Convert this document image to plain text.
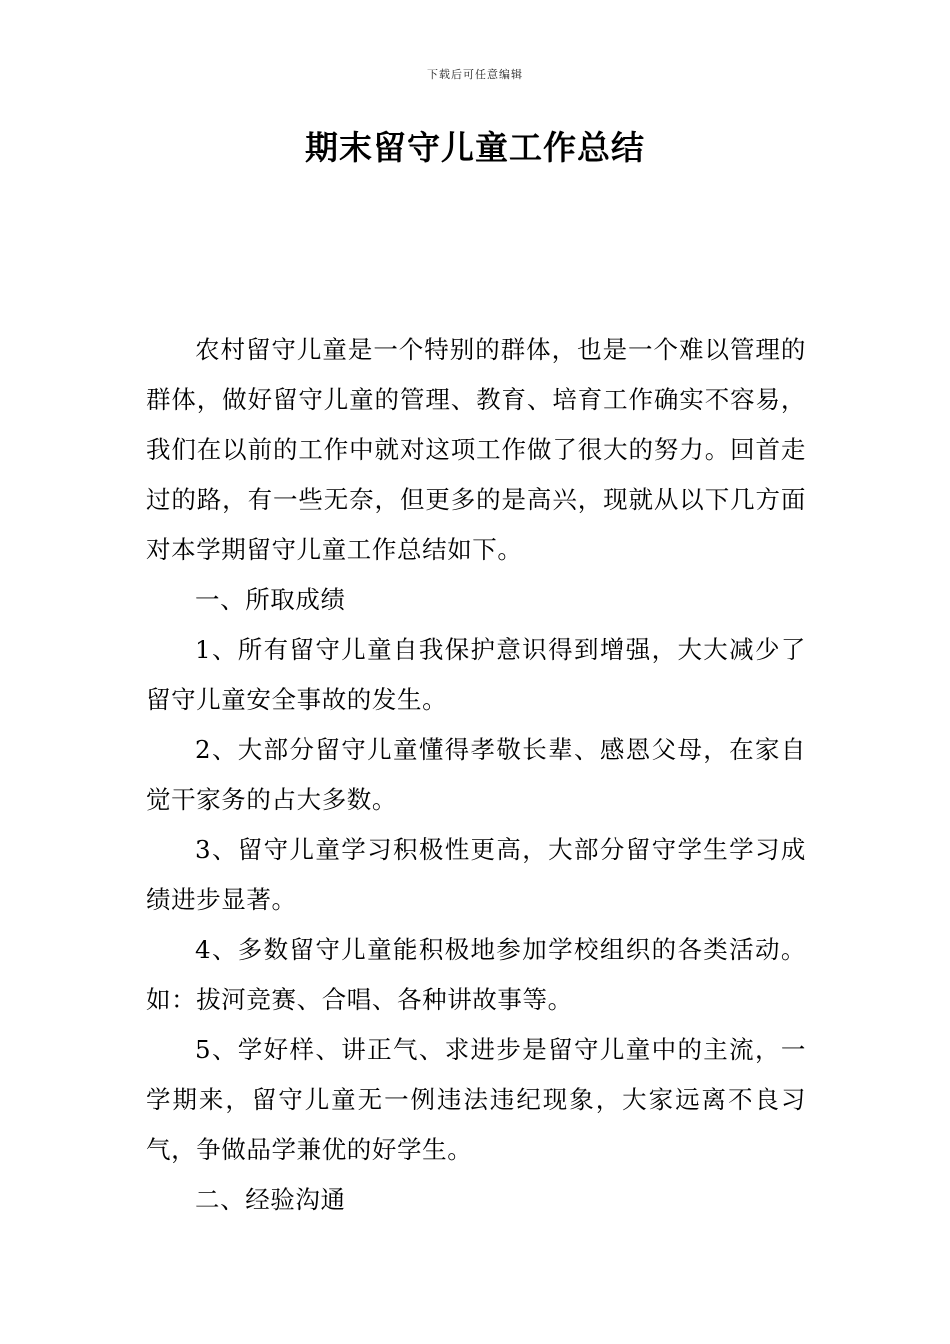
下载后可任意编辑
期末留守儿童工作总结

农村留守儿童是一个特别的群体，也是一个难以管理的群体，做好留守儿童的管理、教育、培育工作确实不容易，我们在以前的工作中就对这项工作做了很大的努力。回首走过的路，有一些无奈，但更多的是高兴，现就从以下几方面对本学期留守儿童工作总结如下。

一、所取成绩

1、所有留守儿童自我保护意识得到增强，大大减少了留守儿童安全事故的发生。

2、大部分留守儿童懂得孝敬长辈、感恩父母，在家自觉干家务的占大多数。

3、留守儿童学习积极性更高，大部分留守学生学习成绩进步显著。

4、多数留守儿童能积极地参加学校组织的各类活动。如：拔河竞赛、合唱、各种讲故事等。

5、学好样、讲正气、求进步是留守儿童中的主流，一学期来，留守儿童无一例违法违纪现象，大家远离不良习气，争做品学兼优的好学生。

二、经验沟通
